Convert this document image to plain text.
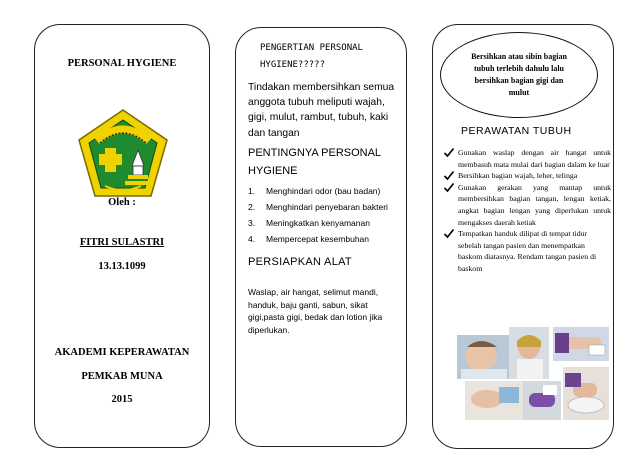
PERSONAL HYGIENE
Oleh :
FITRI SULASTRI
13.13.1099
AKADEMI KEPERAWATAN
PEMKAB MUNA
2015
PENGERTIAN PERSONAL HYGIENE?????
Tindakan membersihkan semua anggota tubuh meliputi wajah, gigi, mulut, rambut, tubuh, kaki dan tangan
PENTINGNYA PERSONAL HYGIENE
1. Menghindari odor (bau badan)
2. Menghindari penyebaran bakteri
3. Meningkatkan kenyamanan
4. Mempercepat kesembuhan
PERSIAPKAN ALAT
Waslap, air hangat, selimut mandi, handuk, baju ganti, sabun, sikat gigi,pasta gigi, bedak dan lotion jika diperlukan.
PERAWATAN TUBUH
Gunakan waslap dengan air hangat untuk membasuh mata mulai dari bagian dalam ke luar
Bersihkan bagian wajah, leher, telinga
Gunakan gerakan yang mantap untuk membersihkan bagian tangan, lengan ketiak, angkat bagian lengan yang diperlukan untuk mengakses daerah ketiak
Tempatkan handuk dilipat di tempat tidur sebelah tangan pasien dan menempatkan baskom diatasnya. Rendam tangan pasien di baskom
Bersihkan atau sibin bagian tubuh terlebih dahulu lalu bersihkan bagian gigi dan mulut
